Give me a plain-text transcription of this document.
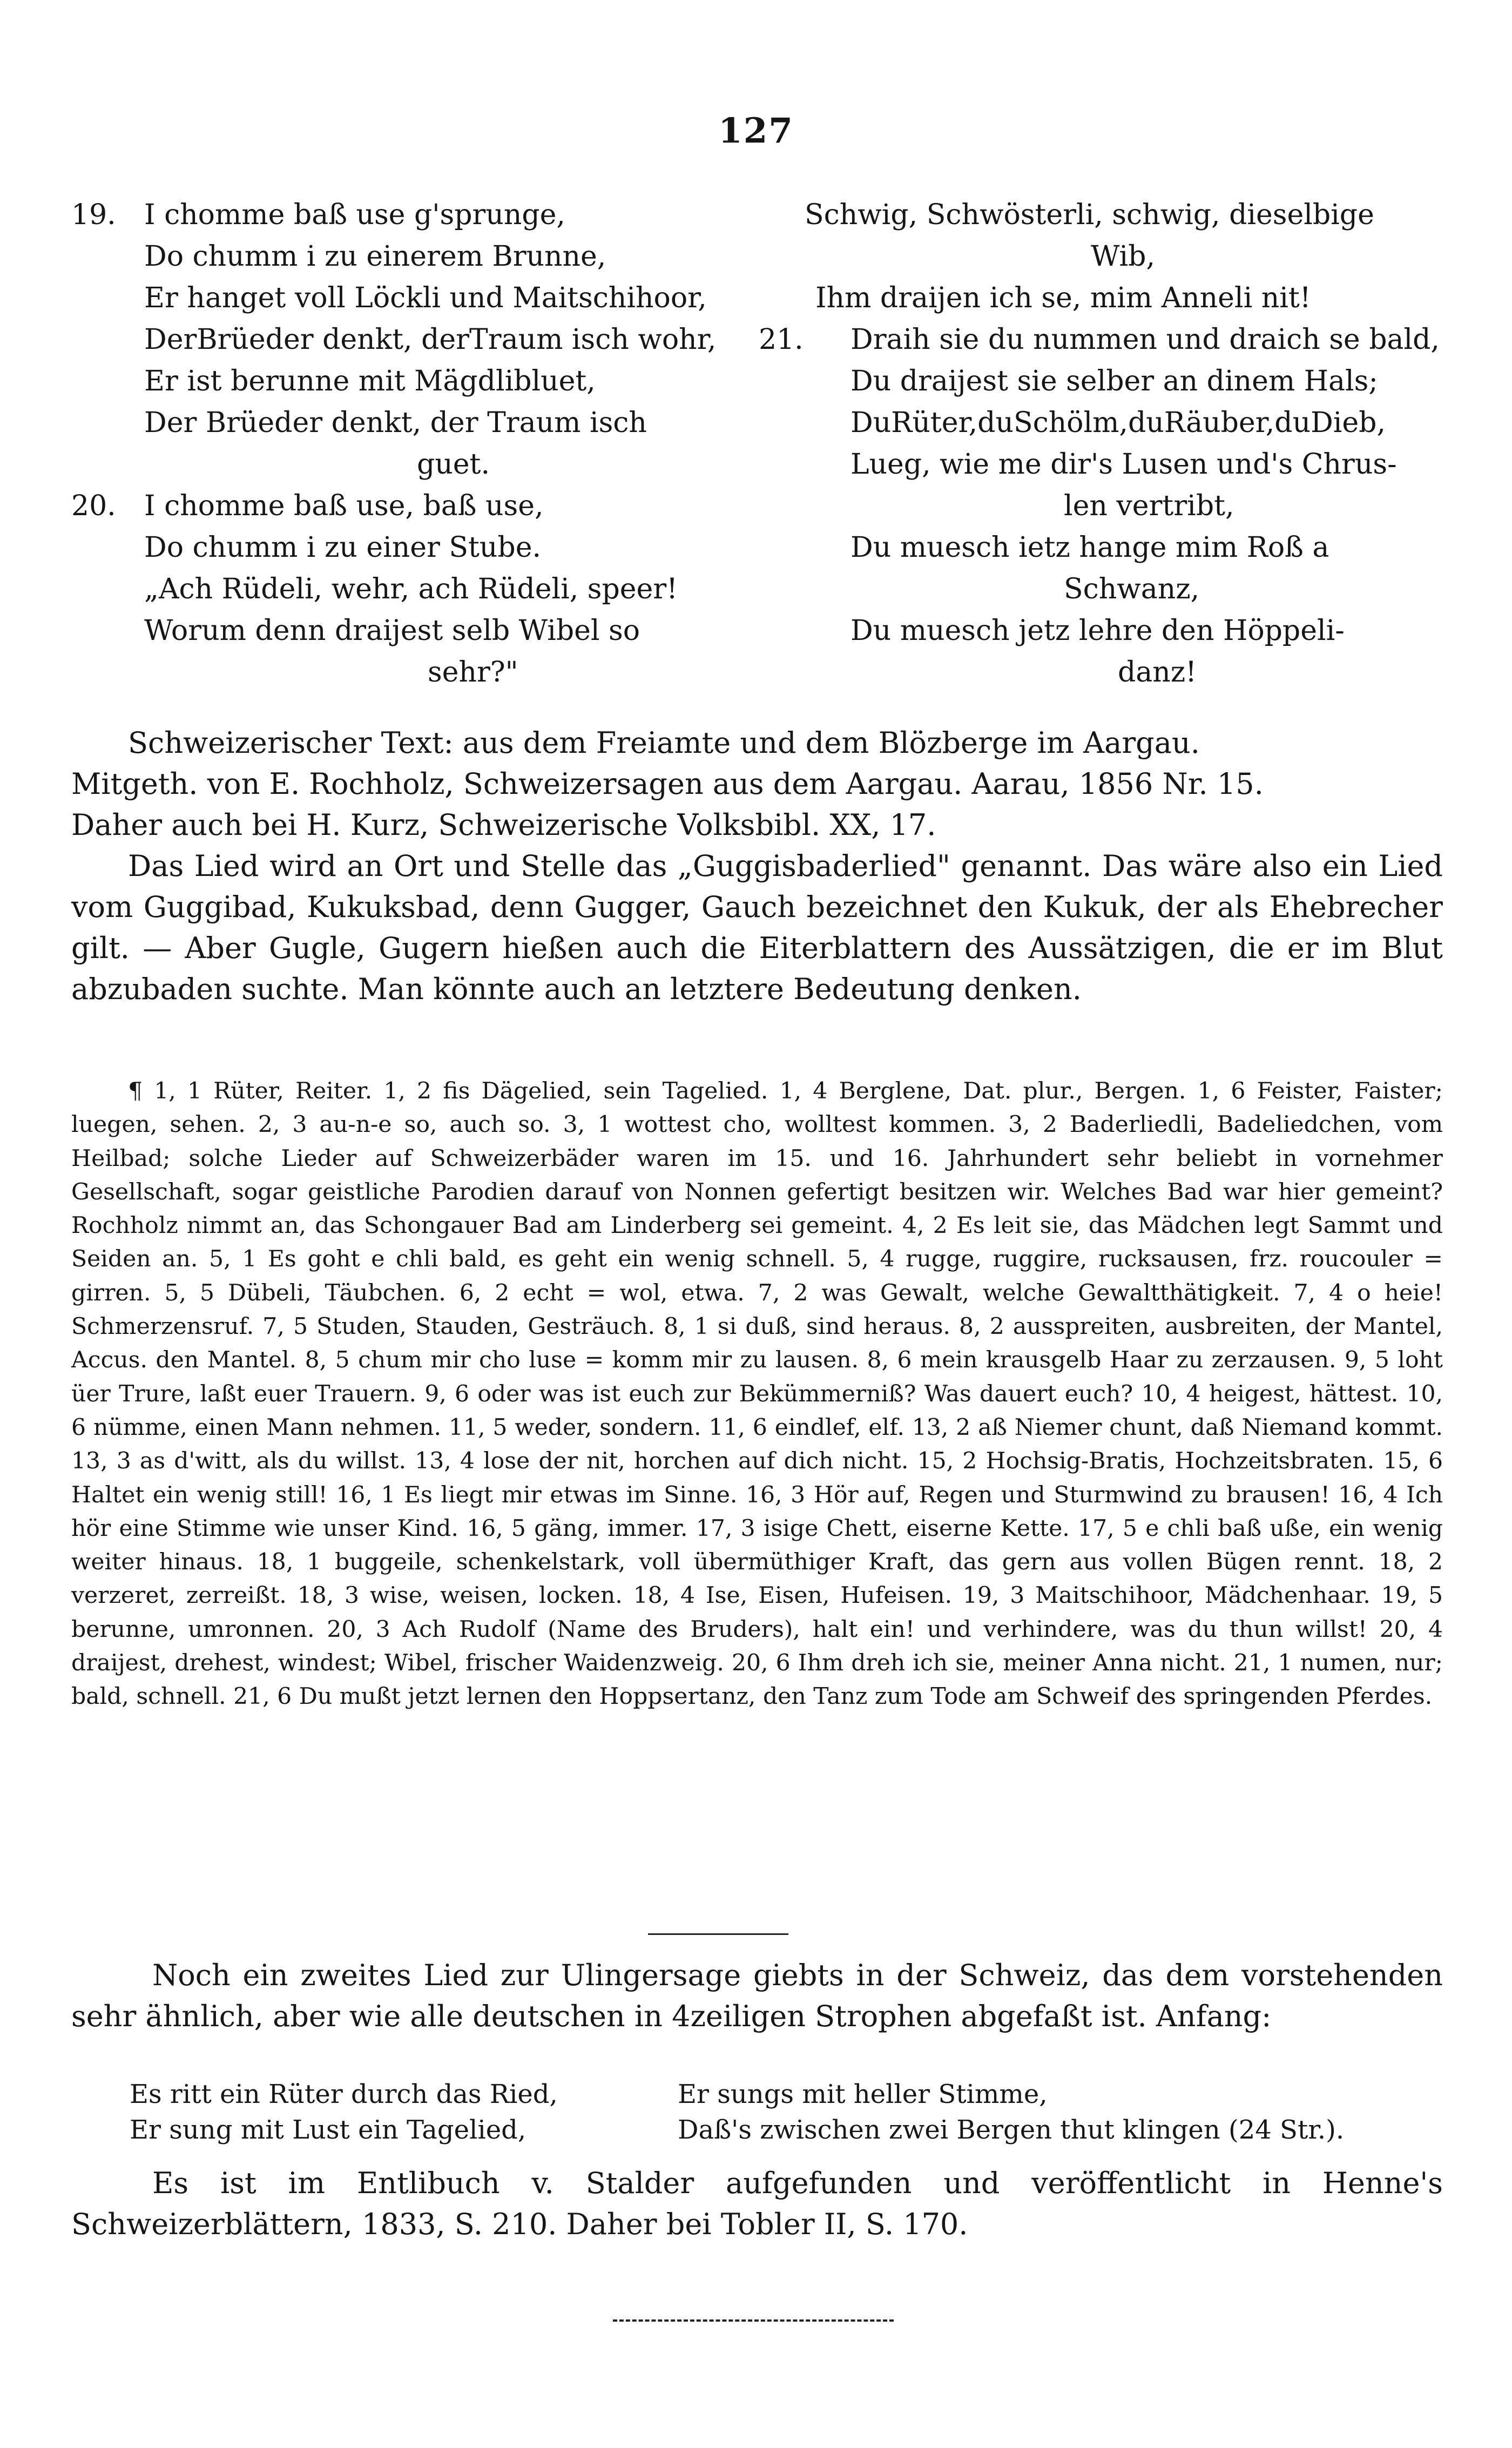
127
19.	I chomme baß use g'sprunge,
Do chumm i zu einerem Brunne,
Er hanget voll Löckli und Maitschihoor,
DerBrüeder denkt, derTraum isch wohr,
Er ist berunne mit Mägdlibluet,
Der Brüeder denkt, der Traum isch
guet.
20.	I chomme baß use, baß use,
Do chumm i zu einer Stube.
„Ach Rüdeli, wehr, ach Rüdeli, speer!
Worum denn draijest selb Wibel so
sehr?"
Schwig, Schwösterli, schwig, dieselbige
Wib,
Ihm draijen ich se, mim Anneli nit!
21.	Draih sie du nummen und draich se bald,
Du draijest sie selber an dinem Hals;
DuRüter,duSchölm,duRäuber,duDieb,
Lueg, wie me dir's Lusen und's Chrus-
len vertribt,
Du muesch ietz hange mim Roß a
Schwanz,
Du muesch jetz lehre den Höppeli-
danz!

Schweizerischer Text: aus dem Freiamte und dem Blözberge im Aargau.

Mitgeth. von E. Rochholz, Schweizersagen aus dem Aargau. Aarau, 1856 Nr. 15.

Daher auch bei H. Kurz, Schweizerische Volksbibl. XX, 17.

Das Lied wird an Ort und Stelle das „Guggisbaderlied" genannt. Das wäre also ein Lied vom Guggibad, Kukuksbad, denn Gugger, Gauch bezeichnet den Kukuk, der als Ehebrecher gilt. — Aber Gugle, Gugern hießen auch die Eiterblattern des Aussätzigen, die er im Blut abzubaden suchte. Man könnte auch an letztere Bedeutung denken.

¶ 1, 1 Rüter, Reiter. 1, 2 fis Dägelied, sein Tagelied. 1, 4 Berglene, Dat. plur., Bergen. 1, 6 Feister, Faister; luegen, sehen. 2, 3 au-n-e so, auch so. 3, 1 wottest cho, wolltest kommen. 3, 2 Baderliedli, Badeliedchen, vom Heilbad; solche Lieder auf Schweizerbäder waren im 15. und 16. Jahrhundert sehr beliebt in vornehmer Gesellschaft, sogar geistliche Parodien darauf von Nonnen gefertigt besitzen wir. Welches Bad war hier gemeint? Rochholz nimmt an, das Schongauer Bad am Linderberg sei gemeint. 4, 2 Es leit sie, das Mädchen legt Sammt und Seiden an. 5, 1 Es goht e chli bald, es geht ein wenig schnell. 5, 4 rugge, ruggire, rucksausen, frz. roucouler = girren. 5, 5 Dübeli, Täubchen. 6, 2 echt = wol, etwa. 7, 2 was Gewalt, welche Gewaltthätigkeit. 7, 4 o heie! Schmerzensruf. 7, 5 Studen, Stauden, Gesträuch. 8, 1 si duß, sind heraus. 8, 2 ausspreiten, ausbreiten, der Mantel, Accus. den Mantel. 8, 5 chum mir cho luse = komm mir zu lausen. 8, 6 mein krausgelb Haar zu zerzausen. 9, 5 loht üer Trure, laßt euer Trauern. 9, 6 oder was ist euch zur Bekümmerniß? Was dauert euch? 10, 4 heigest, hättest. 10, 6 nümme, einen Mann nehmen. 11, 5 weder, sondern. 11, 6 eindlef, elf. 13, 2 aß Niemer chunt, daß Niemand kommt. 13, 3 as d'witt, als du willst. 13, 4 lose der nit, horchen auf dich nicht. 15, 2 Hochsig-Bratis, Hochzeitsbraten. 15, 6 Haltet ein wenig still! 16, 1 Es liegt mir etwas im Sinne. 16, 3 Hör auf, Regen und Sturmwind zu brausen! 16, 4 Ich hör eine Stimme wie unser Kind. 16, 5 gäng, immer. 17, 3 isige Chett, eiserne Kette. 17, 5 e chli baß uße, ein wenig weiter hinaus. 18, 1 buggeile, schenkelstark, voll übermüthiger Kraft, das gern aus vollen Bügen rennt. 18, 2 verzeret, zerreißt. 18, 3 wise, weisen, locken. 18, 4 Ise, Eisen, Hufeisen. 19, 3 Maitschihoor, Mädchenhaar. 19, 5 berunne, umronnen. 20, 3 Ach Rudolf (Name des Bruders), halt ein! und verhindere, was du thun willst! 20, 4 draijest, drehest, windest; Wibel, frischer Waidenzweig. 20, 6 Ihm dreh ich sie, meiner Anna nicht. 21, 1 numen, nur; bald, schnell. 21, 6 Du mußt jetzt lernen den Hoppsertanz, den Tanz zum Tode am Schweif des springenden Pferdes.

Noch ein zweites Lied zur Ulingersage giebts in der Schweiz, das dem vorstehenden sehr ähnlich, aber wie alle deutschen in 4zeiligen Strophen abgefaßt ist. Anfang:

Es ritt ein Rüter durch das Ried,	Er sungs mit heller Stimme,
Er sung mit Lust ein Tagelied,	Daß's zwischen zwei Bergen thut klingen (24 Str.).

Es ist im Entlibuch v. Stalder aufgefunden und veröffentlicht in Henne's Schweizerblättern, 1833, S. 210. Daher bei Tobler II, S. 170.
